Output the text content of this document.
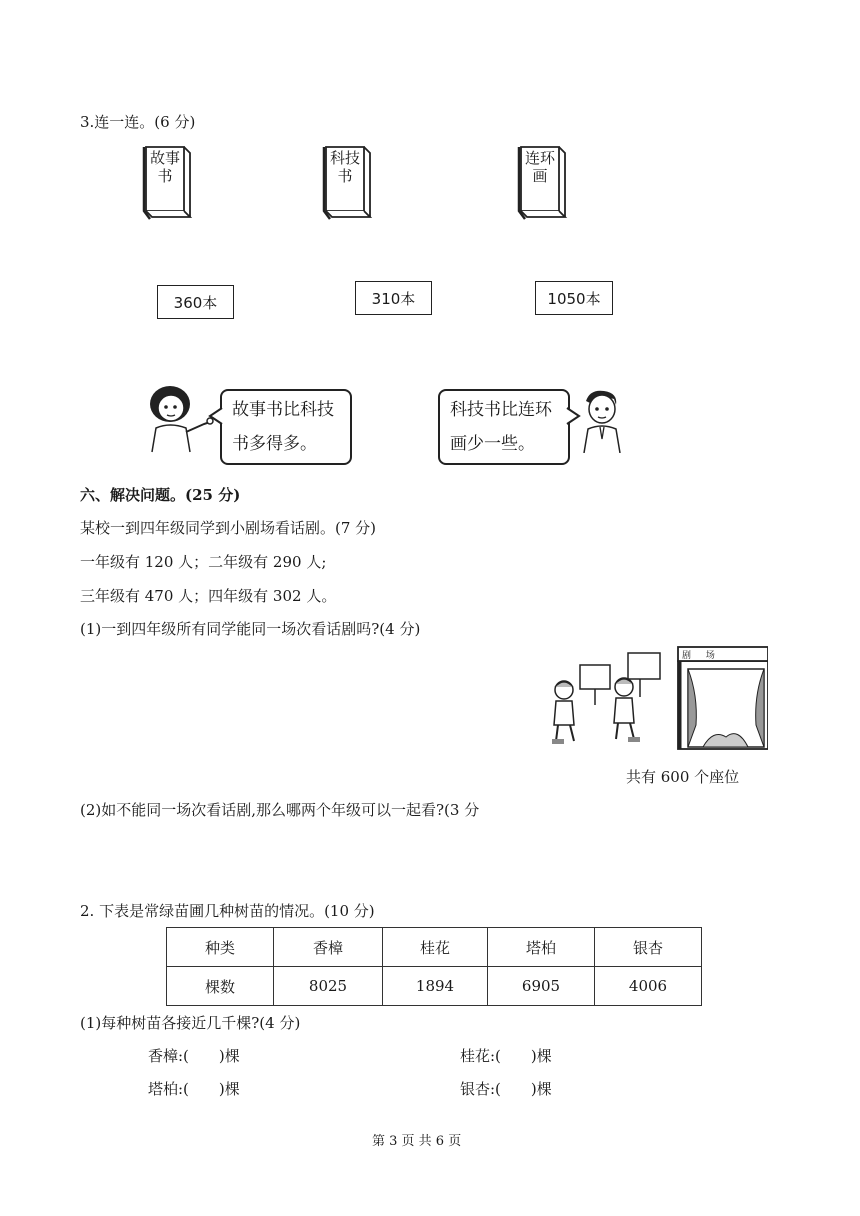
3.连一连。(6 分)
故事书
科技书
连环画
360本	310本	1050本
故事书比科技
书多得多。
科技书比连环
画少一些。
六、解决问题。(25 分)
某校一到四年级同学到小剧场看话剧。(7 分)
一年级有 120 人；二年级有 290 人;
三年级有 470 人；四年级有 302 人。
(1)一到四年级所有同学能同一场次看话剧吗?(4 分)
剧 场
共有 600 个座位
(2)如不能同一场次看话剧,那么哪两个年级可以一起看?(3 分
2. 下表是常绿苗圃几种树苗的情况。(10 分)
种类	香樟	桂花	塔柏	银杏
棵数	8025	1894	6905	4006
(1)每种树苗各接近几千棵?(4 分)
香樟:(　　)棵	桂花:(　　)棵
塔柏:(　　)棵	银杏:(　　)棵
第 3 页 共 6 页
